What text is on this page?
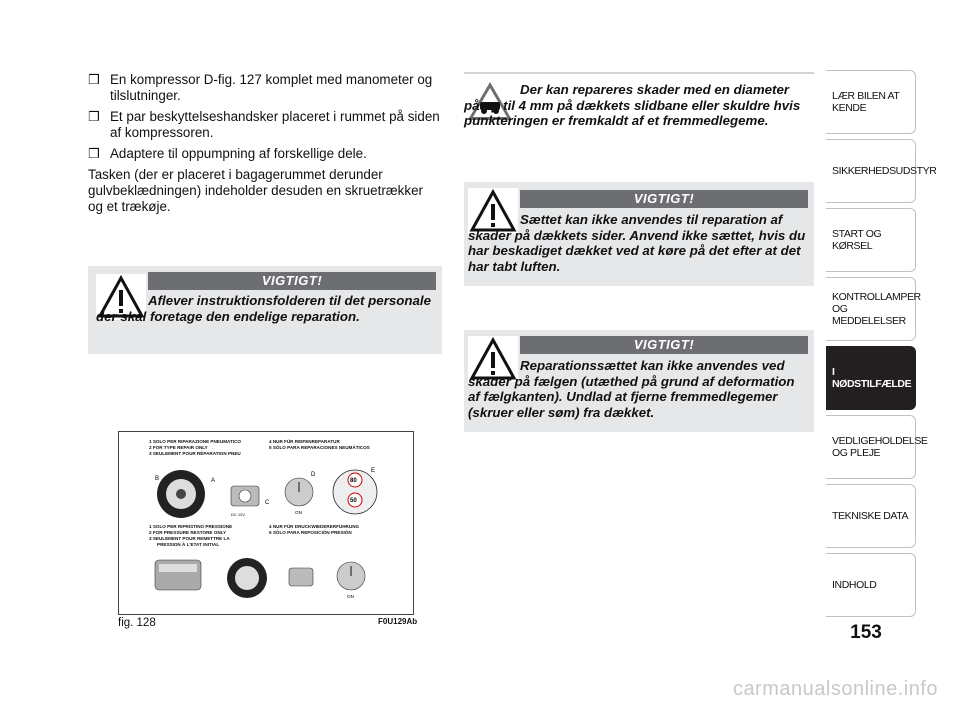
❒ En kompressor D-fig. 127 komplet med manometer og tilslutninger.
❒ Et par beskyttelseshandsker placeret i rummet på siden af kompressoren.
❒ Adaptere til oppumpning af forskellige dele.
Tasken (der er placeret i bagagerummet derunder gulvbeklædningen) indeholder desuden en skruetrækker og et trækøje.
VIGTIGT!
Aflever instruktionsfolderen til det personale der skal foretage den endelige reparation.
Der kan repareres skader med en diameter på op til 4 mm på dækkets slidbane eller skuldre hvis punkteringen er fremkaldt af et fremmedlegeme.
VIGTIGT!
Sættet kan ikke anvendes til reparation af skader på dækkets sider. Anvend ikke sættet, hvis du har beskadiget dækket ved at køre på det efter at det har tabt luften.
VIGTIGT!
Reparationssættet kan ikke anvendes ved skader på fælgen (utæthed på grund af deformation af fælgkanten). Undlad at fjerne fremmedlegemer (skruer eller søm) fra dækket.
1 SOLO PER RIPARAZIONE PNEUMATICO
2 FOR TYPE REPAIR ONLY
3 SEULEMENT POUR RÉPARATION PNEU
4 NUR FÜR REIFENREPARATUR
5 SÓLO PARA REPARACIONES NEUMÁTICOS
1 SOLO PER RIPRISTINO PRESSIONE
2 FOR PRESSURE RESTORE ONLY
3 SEULEMENT POUR REMETTRE LA
PRESSION À L'ETAT INITIAL
4 NUR FÜR DRUCKWIEDERERFÜHRUNG
5 SÓLO PARA REPOSICIÓN PRESIÓN
B	A
C
DC 12V	ON
D
80
50
E
ON
fig. 128	F0U129Ab
LÆR BILEN AT KENDE
SIKKERHEDSUDSTYR
START OG KØRSEL
KONTROLLAMPER OG MEDDELELSER
I NØDSTILFÆLDE
VEDLIGEHOLDELSE OG PLEJE
TEKNISKE DATA
INDHOLD
153
carmanualsonline.info
